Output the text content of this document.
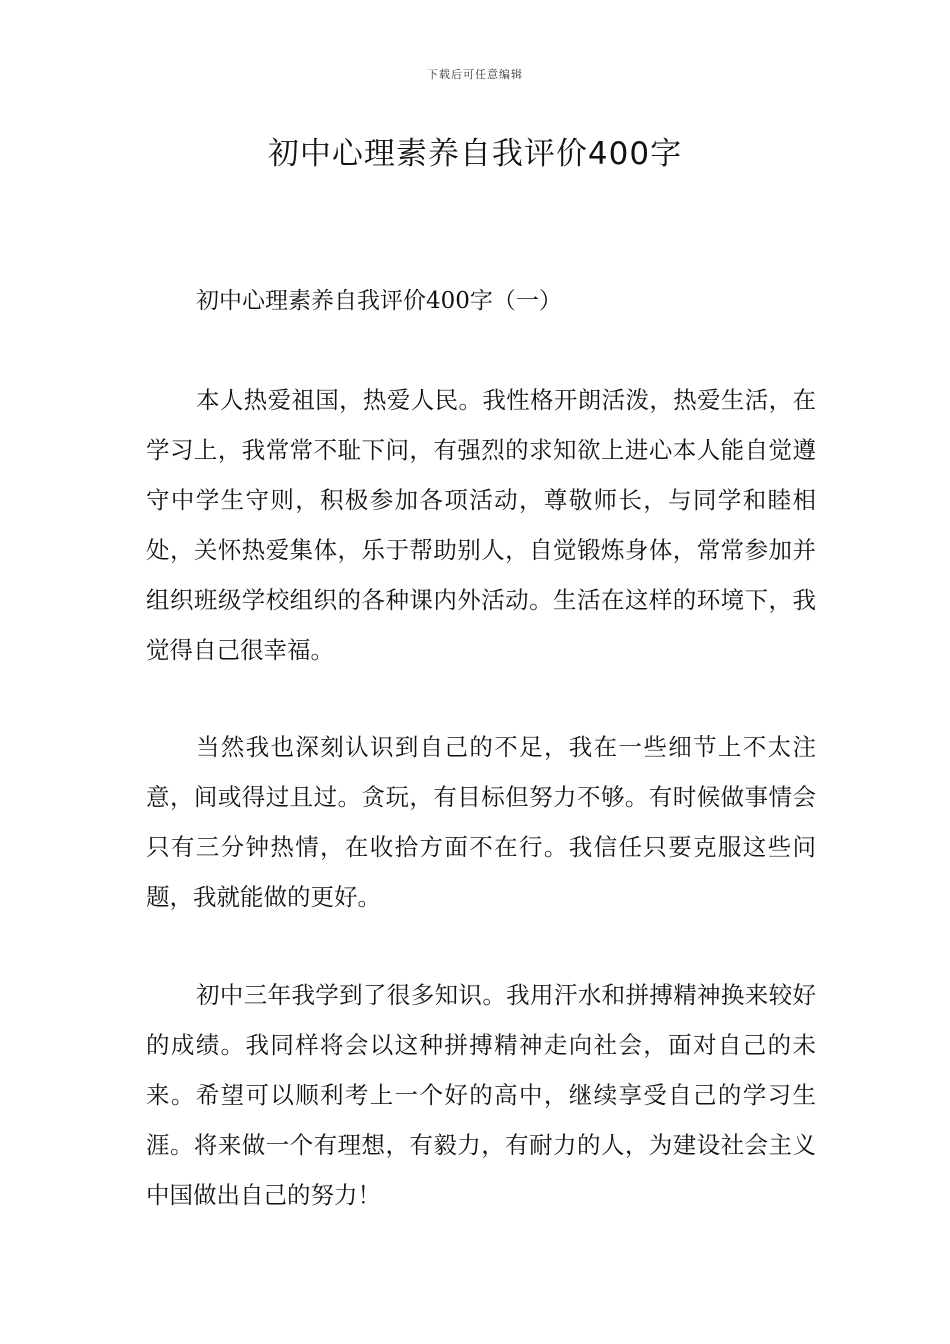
下载后可任意编辑
初中心理素养自我评价400字
初中心理素养自我评价400字（一）

本人热爱祖国，热爱人民。我性格开朗活泼，热爱生活，在学习上，我常常不耻下问，有强烈的求知欲上进心本人能自觉遵守中学生守则，积极参加各项活动，尊敬师长，与同学和睦相处，关怀热爱集体，乐于帮助别人，自觉锻炼身体，常常参加并组织班级学校组织的各种课内外活动。生活在这样的环境下，我觉得自己很幸福。

当然我也深刻认识到自己的不足，我在一些细节上不太注意，间或得过且过。贪玩，有目标但努力不够。有时候做事情会只有三分钟热情，在收拾方面不在行。我信任只要克服这些问题，我就能做的更好。

初中三年我学到了很多知识。我用汗水和拼搏精神换来较好的成绩。我同样将会以这种拼搏精神走向社会，面对自己的未来。希望可以顺利考上一个好的高中，继续享受自己的学习生涯。将来做一个有理想，有毅力，有耐力的人，为建设社会主义中国做出自己的努力！
